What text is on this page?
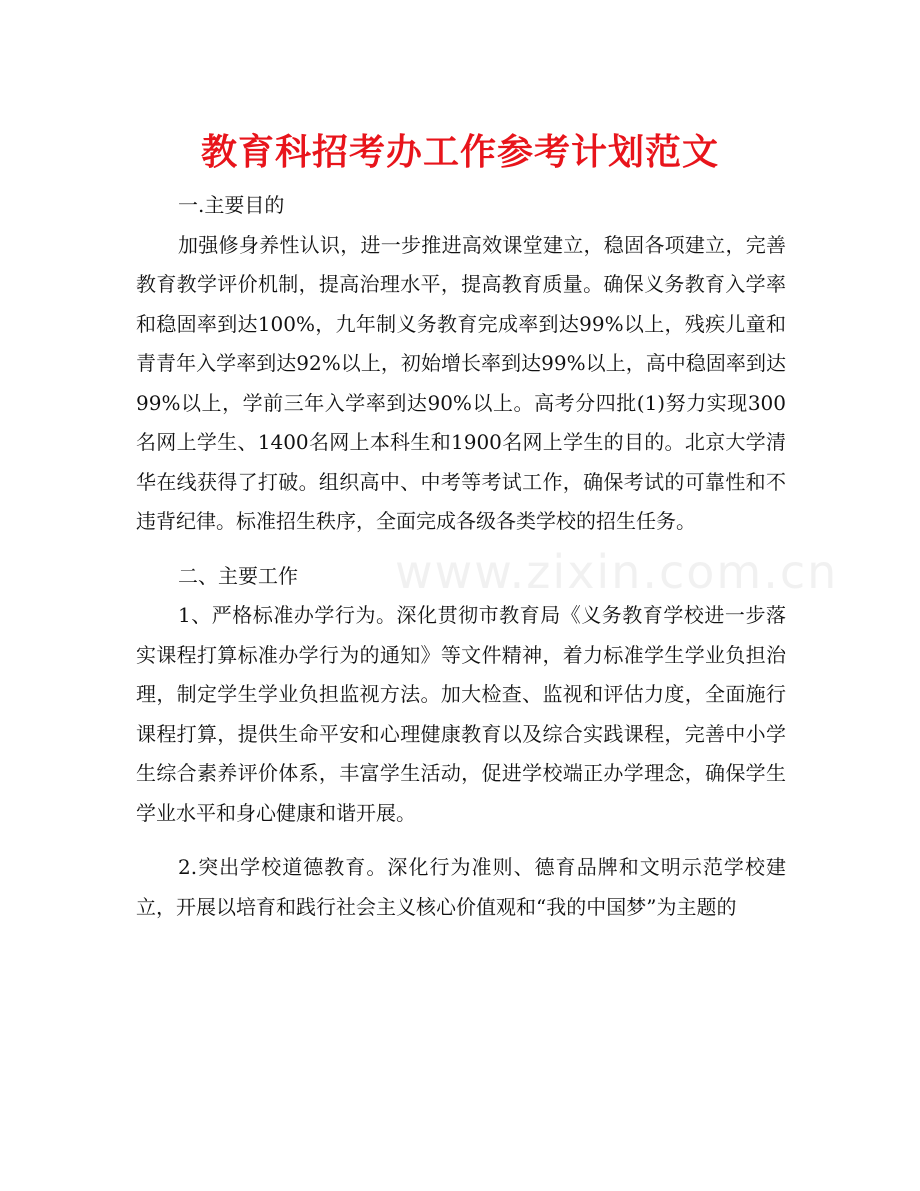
教育科招考办工作参考计划范文

一.主要目的

加强修身养性认识，进一步推进高效课堂建立，稳固各项建立，完善教育教学评价机制，提高治理水平，提高教育质量。确保义务教育入学率和稳固率到达100%，九年制义务教育完成率到达99%以上，残疾儿童和青青年入学率到达92%以上，初始增长率到达99%以上，高中稳固率到达99%以上，学前三年入学率到达90%以上。高考分四批(1)努力实现300名网上学生、1400名网上本科生和1900名网上学生的目的。北京大学清华在线获得了打破。组织高中、中考等考试工作，确保考试的可靠性和不违背纪律。标准招生秩序，全面完成各级各类学校的招生任务。

二、主要工作

1、严格标准办学行为。深化贯彻市教育局《义务教育学校进一步落实课程打算标准办学行为的通知》等文件精神，着力标准学生学业负担治理，制定学生学业负担监视方法。加大检查、监视和评估力度，全面施行课程打算，提供生命平安和心理健康教育以及综合实践课程，完善中小学生综合素养评价体系，丰富学生活动，促进学校端正办学理念，确保学生学业水平和身心健康和谐开展。

2.突出学校道德教育。深化行为准则、德育品牌和文明示范学校建立，开展以培育和践行社会主义核心价值观和“我的中国梦”为主题的

www.zixin.com.cn
